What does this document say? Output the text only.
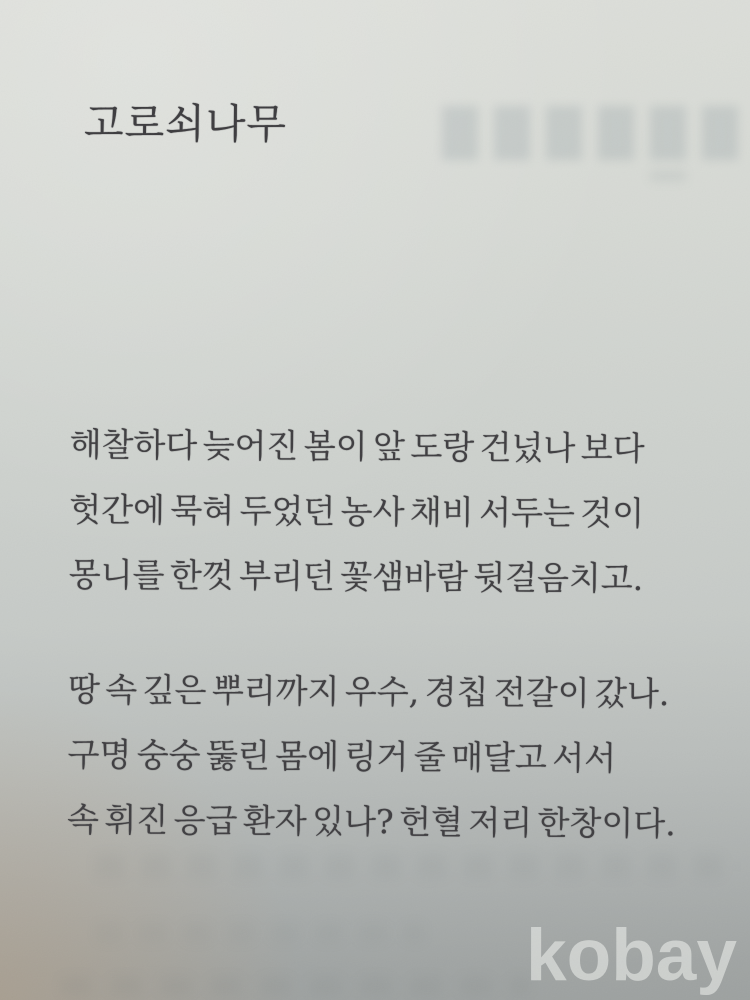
고로쇠나무

해찰하다 늦어진 봄이 앞 도랑 건넜나 보다
헛간에 묵혀 두었던 농사 채비 서두는 것이
몽니를 한껏 부리던 꽃샘바람 뒷걸음치고.

땅 속 깊은 뿌리까지 우수, 경칩 전갈이 갔나.
구명 숭숭 뚫린 몸에 링거 줄 매달고 서서
속 휘진 응급 환자 있나? 헌혈 저리 한창이다.

kobay
